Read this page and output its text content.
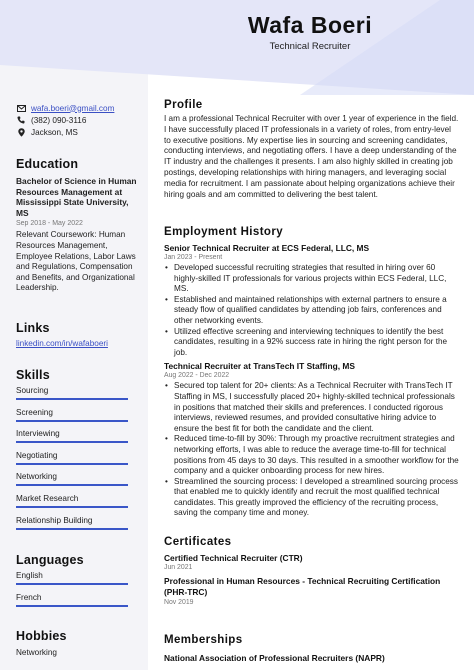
Wafa Boeri
Technical Recruiter
wafa.boeri@gmail.com
(382) 090-3116
Jackson, MS
Education
Bachelor of Science in Human Resources Management at Mississippi State University, MS
Sep 2018 - May 2022
Relevant Coursework: Human Resources Management, Employee Relations, Labor Laws and Regulations, Compensation and Benefits, and Organizational Leadership.
Links
linkedin.com/in/wafaboeri
Skills
Sourcing
Screening
Interviewing
Negotiating
Networking
Market Research
Relationship Building
Languages
English
French
Hobbies
Networking
Profile
I am a professional Technical Recruiter with over 1 year of experience in the field. I have successfully placed IT professionals in a variety of roles, from entry-level to executive positions. My expertise lies in sourcing and screening candidates, conducting interviews, and negotiating offers. I have a deep understanding of the IT industry and the challenges it presents. I am also highly skilled in creating job postings, developing relationships with hiring managers, and leveraging social media for recruitment. I am passionate about helping organizations achieve their hiring goals and am committed to delivering the best talent.
Employment History
Senior Technical Recruiter at ECS Federal, LLC, MS
Jan 2023 - Present
• Developed successful recruiting strategies that resulted in hiring over 60 highly-skilled IT professionals for various projects within ECS Federal, LLC, MS.
• Established and maintained relationships with external partners to ensure a steady flow of qualified candidates by attending job fairs, conferences and other networking events.
• Utilized effective screening and interviewing techniques to identify the best candidates, resulting in a 92% success rate in hiring the right person for the job.
Technical Recruiter at TransTech IT Staffing, MS
Aug 2022 - Dec 2022
• Secured top talent for 20+ clients: As a Technical Recruiter with TransTech IT Staffing in MS, I successfully placed 20+ highly-skilled technical professionals in positions that matched their skills and preferences. I conducted rigorous interviews, reviewed resumes, and provided consultative hiring advice to ensure the best fit for both the candidate and the client.
• Reduced time-to-fill by 30%: Through my proactive recruitment strategies and networking efforts, I was able to reduce the average time-to-fill for technical positions from 45 days to 30 days. This resulted in a smoother workflow for the company and a quicker onboarding process for new hires.
• Streamlined the sourcing process: I developed a streamlined sourcing process that enabled me to quickly identify and recruit the most qualified technical candidates. This greatly improved the efficiency of the recruiting process, saving the company time and money.
Certificates
Certified Technical Recruiter (CTR)
Jun 2021
Professional in Human Resources - Technical Recruiting Certification (PHR-TRC)
Nov 2019
Memberships
National Association of Professional Recruiters (NAPR)
